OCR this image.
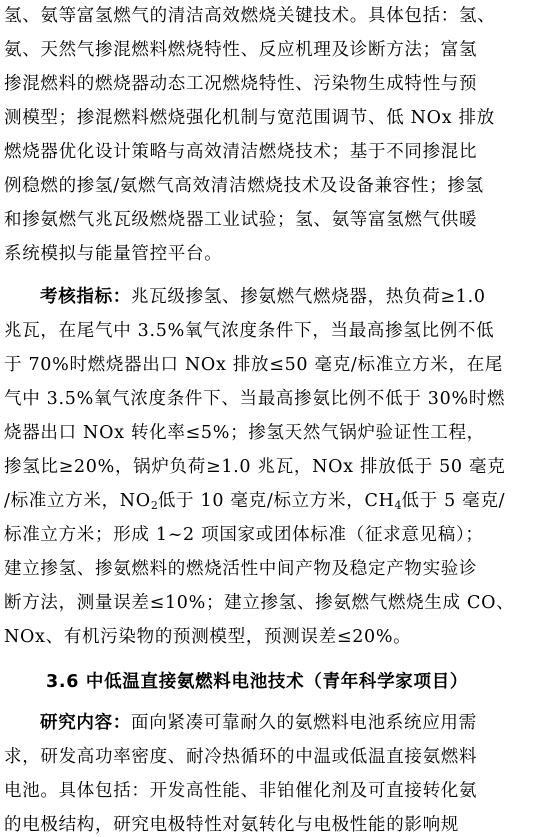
氢、氨等富氢燃气的清洁高效燃烧关键技术。具体包括：氢、
氨、天然气掺混燃料燃烧特性、反应机理及诊断方法；富氢
掺混燃料的燃烧器动态工况燃烧特性、污染物生成特性与预
测模型；掺混燃料燃烧强化机制与宽范围调节、低 NOx 排放
燃烧器优化设计策略与高效清洁燃烧技术；基于不同掺混比
例稳燃的掺氢/氨燃气高效清洁燃烧技术及设备兼容性；掺氢
和掺氨燃气兆瓦级燃烧器工业试验；氢、氨等富氢燃气供暖
系统模拟与能量管控平台。
考核指标：兆瓦级掺氢、掺氨燃气燃烧器，热负荷≥1.0
兆瓦，在尾气中 3.5%氧气浓度条件下，当最高掺氢比例不低
于 70%时燃烧器出口 NOx 排放≤50 毫克/标准立方米，在尾
气中 3.5%氧气浓度条件下、当最高掺氨比例不低于 30%时燃
烧器出口 NOx 转化率≤5%；掺氢天然气锅炉验证性工程，
掺氢比≥20%，锅炉负荷≥1.0 兆瓦，NOx 排放低于 50 毫克
/标准立方米，$NO_2$低于 10 毫克/标立方米，$CH_4$低于 5 毫克/
标准立方米；形成 1~2 项国家或团体标准（征求意见稿）；
建立掺氢、掺氨燃料的燃烧活性中间产物及稳定产物实验诊
断方法，测量误差≤10%；建立掺氢、掺氨燃气燃烧生成 CO、
NOx、有机污染物的预测模型，预测误差≤20%。
3.6 中低温直接氨燃料电池技术（青年科学家项目）
研究内容：面向紧凑可靠耐久的氨燃料电池系统应用需
求，研发高功率密度、耐冷热循环的中温或低温直接氨燃料
电池。具体包括：开发高性能、非铂催化剂及可直接转化氨
的电极结构，研究电极特性对氨转化与电极性能的影响规
